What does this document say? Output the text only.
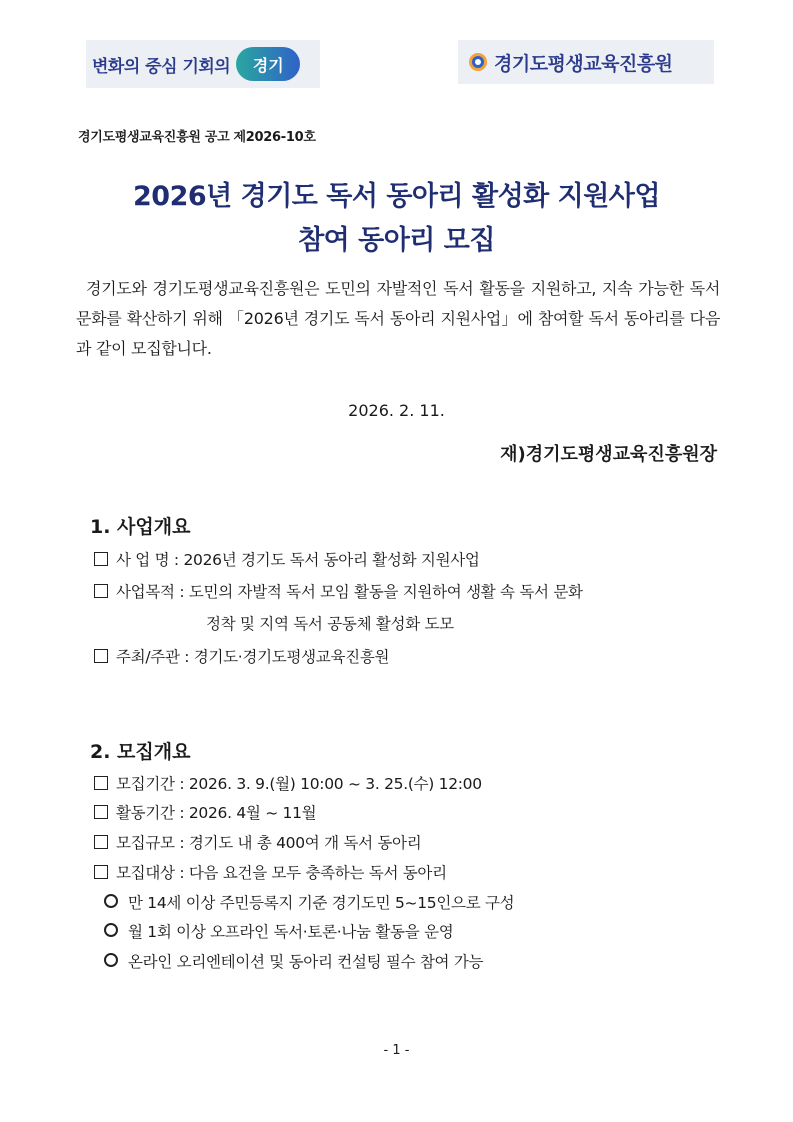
변화의 중심 기회의	경기	경기도평생교육진흥원
경기도평생교육진흥원 공고 제2026-10호
2026년 경기도 독서 동아리 활성화 지원사업
참여 동아리 모집
경기도와 경기도평생교육진흥원은 도민의 자발적인 독서 활동을 지원하고, 지속 가능한 독서 문화를 확산하기 위해 「2026년 경기도 독서 동아리 지원사업」에 참여할 독서 동아리를 다음과 같이 모집합니다.
2026. 2. 11.
재)경기도평생교육진흥원장
1. 사업개요
사 업 명 : 2026년 경기도 독서 동아리 활성화 지원사업
사업목적 : 도민의 자발적 독서 모임 활동을 지원하여 생활 속 독서 문화
정착 및 지역 독서 공동체 활성화 도모
주최/주관 : 경기도·경기도평생교육진흥원
2. 모집개요
모집기간 : 2026. 3. 9.(월) 10:00 ~ 3. 25.(수) 12:00
활동기간 : 2026. 4월 ~ 11월
모집규모 : 경기도 내 총 400여 개 독서 동아리
모집대상 : 다음 요건을 모두 충족하는 독서 동아리
만 14세 이상 주민등록지 기준 경기도민 5~15인으로 구성
월 1회 이상 오프라인 독서·토론·나눔 활동을 운영
온라인 오리엔테이션 및 동아리 컨설팅 필수 참여 가능
- 1 -
